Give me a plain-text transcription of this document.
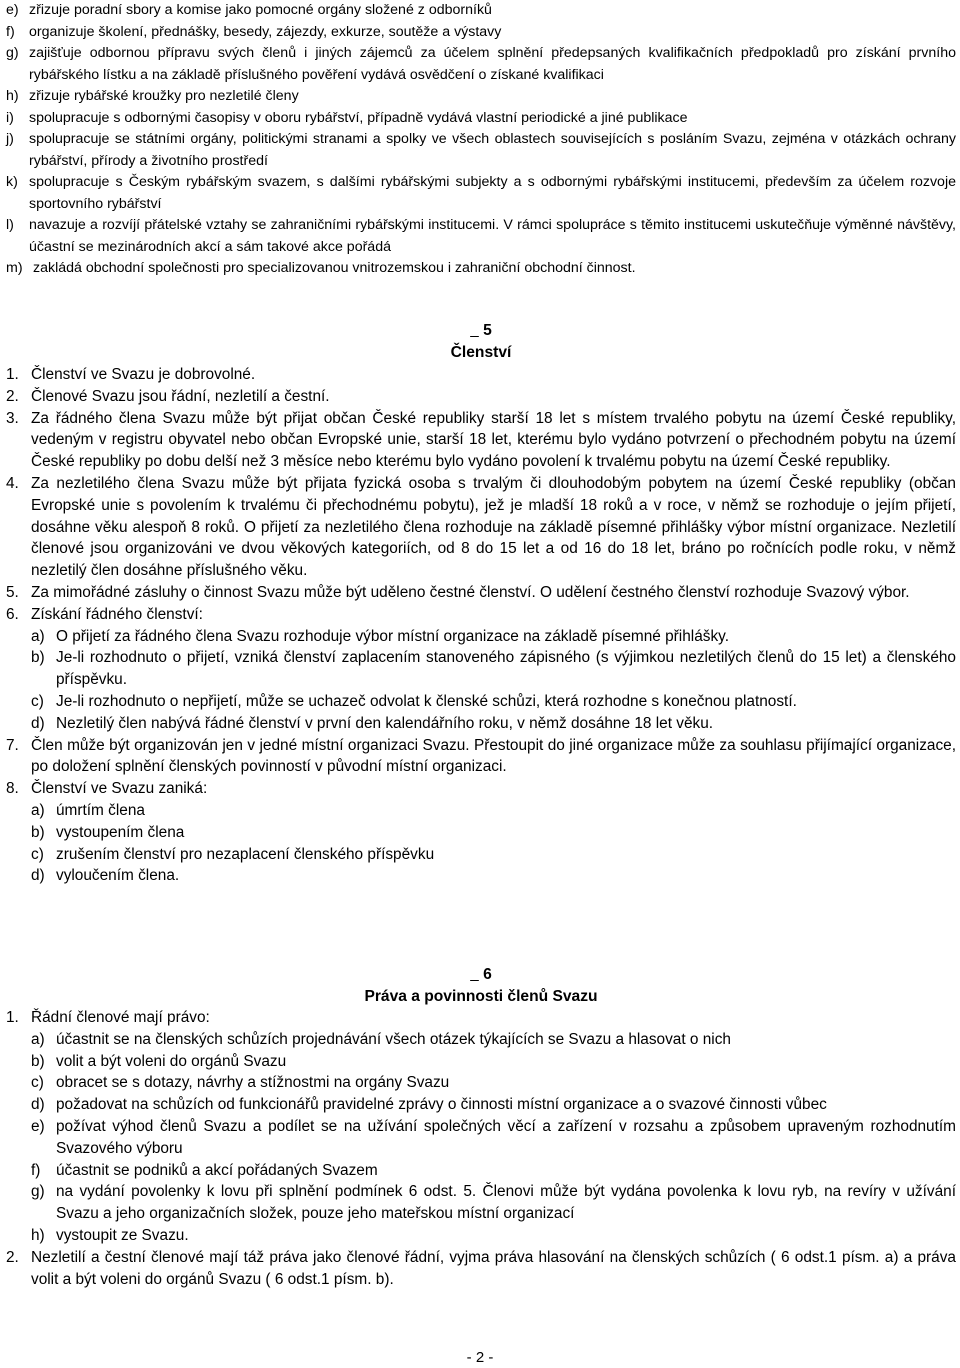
e) zřizuje poradní sbory a komise jako pomocné orgány složené z odborníků
f)	organizuje školení, přednášky, besedy, zájezdy, exkurze, soutěže a výstavy
g) zajišťuje odbornou přípravu svých členů i jiných zájemců za účelem splnění předepsaných kvalifikačních předpokladů pro získání prvního rybářského lístku a na základě příslušného pověření vydává osvědčení o získané kvalifikaci
h) zřizuje rybářské kroužky pro nezletilé členy
i)	spolupracuje s odbornými časopisy v oboru rybářství, případně vydává vlastní periodické a jiné publikace
j)	spolupracuje se státními orgány, politickými stranami a spolky ve všech oblastech souvisejících s posláním Svazu, zejména v otázkách ochrany rybářství, přírody a životního prostředí
k) spolupracuje s Českým rybářským svazem, s dalšími rybářskými subjekty a s odbornými rybářskými institucemi, především za účelem rozvoje sportovního rybářství
l)	navazuje a rozvíjí přátelské vztahy se zahraničními rybářskými institucemi. V rámci spolupráce s těmito institucemi uskutečňuje výměnné návštěvy, účastní se mezinárodních akcí a sám takové akce pořádá
m) zakládá obchodní společnosti pro specializovanou vnitrozemskou i zahraniční obchodní činnost.
5
Členství
1. Členství ve Svazu je dobrovolné.
2. Členové Svazu jsou řádní, nezletilí a čestní.
3. Za řádného člena Svazu může být přijat občan České republiky starší 18 let s místem trvalého pobytu na území České republiky, vedeným v registru obyvatel nebo občan Evropské unie, starší 18 let, kterému bylo vydáno potvrzení o přechodném pobytu na území České republiky po dobu delší než 3 měsíce nebo kterému bylo vydáno povolení k trvalému pobytu na území České republiky.
4. Za nezletilého člena Svazu může být přijata fyzická osoba s trvalým či dlouhodobým pobytem na území České republiky (občan Evropské unie s povolením k trvalému či přechodnému pobytu), jež je mladší 18 roků a v roce, v němž se rozhoduje o jejím přijetí, dosáhne věku alespoň 8 roků. O přijetí za nezletilého člena rozhoduje na základě písemné přihlášky výbor místní organizace. Nezletilí členové jsou organizováni ve dvou věkových kategoriích, od 8 do 15 let a od 16 do 18 let, bráno po ročnících podle roku, v němž nezletilý člen dosáhne příslušného věku.
5. Za mimořádné zásluhy o činnost Svazu může být uděleno čestné členství. O udělení čestného členství rozhoduje Svazový výbor.
6. Získání řádného členství:
a) O přijetí za řádného člena Svazu rozhoduje výbor místní organizace na základě písemné přihlášky.
b) Je-li rozhodnuto o přijetí, vzniká členství zaplacením stanoveného zápisného (s výjimkou nezletilých členů do 15 let) a členského příspěvku.
c) Je-li rozhodnuto o nepřijetí, může se uchazeč odvolat k členské schůzi, která rozhodne s konečnou platností.
d) Nezletilý člen nabývá řádné členství v první den kalendářního roku, v němž dosáhne 18 let věku.
7. Člen může být organizován jen v jedné místní organizaci Svazu. Přestoupit do jiné organizace může za souhlasu přijímající organizace, po doložení splnění členských povinností v původní místní organizaci.
8. Členství ve Svazu zaniká:
a) úmrtím člena
b) vystoupením člena
c) zrušením členství pro nezaplacení členského příspěvku
d) vyloučením člena.
6
Práva a povinnosti členů Svazu
1. Řádní členové mají právo:
a) účastnit se na členských schůzích projednávání všech otázek týkajících se Svazu a hlasovat o nich
b) volit a být voleni do orgánů Svazu
c) obracet se s dotazy, návrhy a stížnostmi na orgány Svazu
d) požadovat na schůzích od funkcionářů pravidelné zprávy o činnosti místní organizace a o svazové činnosti vůbec
e) požívat výhod členů Svazu a podílet se na užívání společných věcí a zařízení v rozsahu a způsobem upraveným rozhodnutím Svazového výboru
f)	účastnit se podniků a akcí pořádaných Svazem
g) na vydání povolenky k lovu při splnění podmínek 6 odst. 5. Členovi může být vydána povolenka k lovu ryb, na revíry v užívání Svazu a jeho organizačních složek, pouze jeho mateřskou místní organizací
h) vystoupit ze Svazu.
2. Nezletilí a čestní členové mají táž práva jako členové řádní, vyjma práva hlasování na členských schůzích ( 6 odst.1 písm. a) a práva volit a být voleni do orgánů Svazu ( 6 odst.1 písm. b).
- 2 -
